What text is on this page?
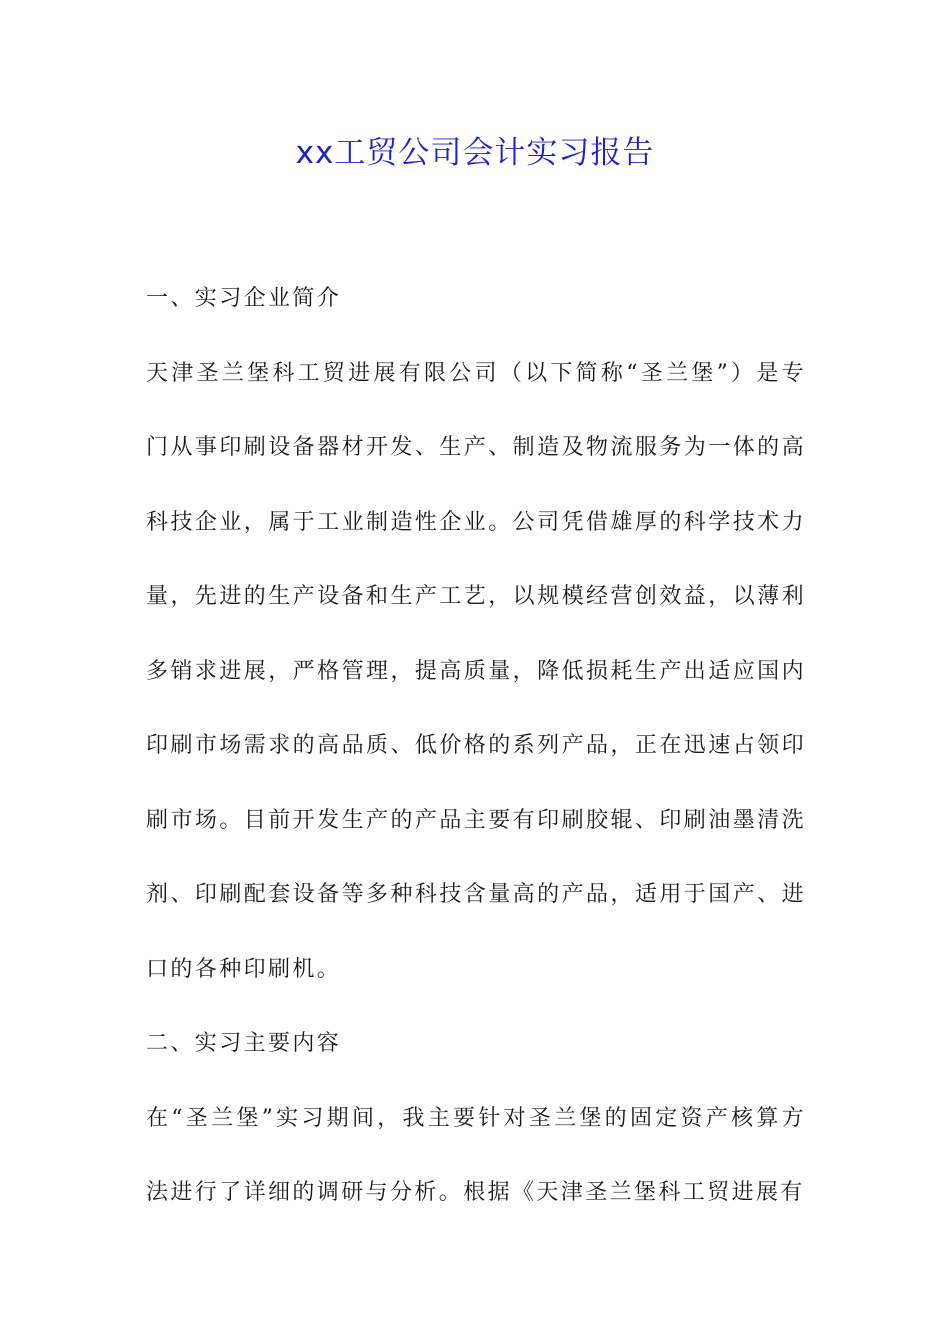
xx工贸公司会计实习报告

一、实习企业简介

天津圣兰堡科工贸进展有限公司（以下简称“圣兰堡”）是专门从事印刷设备器材开发、生产、制造及物流服务为一体的高科技企业，属于工业制造性企业。公司凭借雄厚的科学技术力量，先进的生产设备和生产工艺，以规模经营创效益，以薄利多销求进展，严格管理，提高质量，降低损耗生产出适应国内印刷市场需求的高品质、低价格的系列产品，正在迅速占领印刷市场。目前开发生产的产品主要有印刷胶辊、印刷油墨清洗剂、印刷配套设备等多种科技含量高的产品，适用于国产、进口的各种印刷机。

二、实习主要内容

在“圣兰堡”实习期间，我主要针对圣兰堡的固定资产核算方法进行了详细的调研与分析。根据《天津圣兰堡科工贸进展有
